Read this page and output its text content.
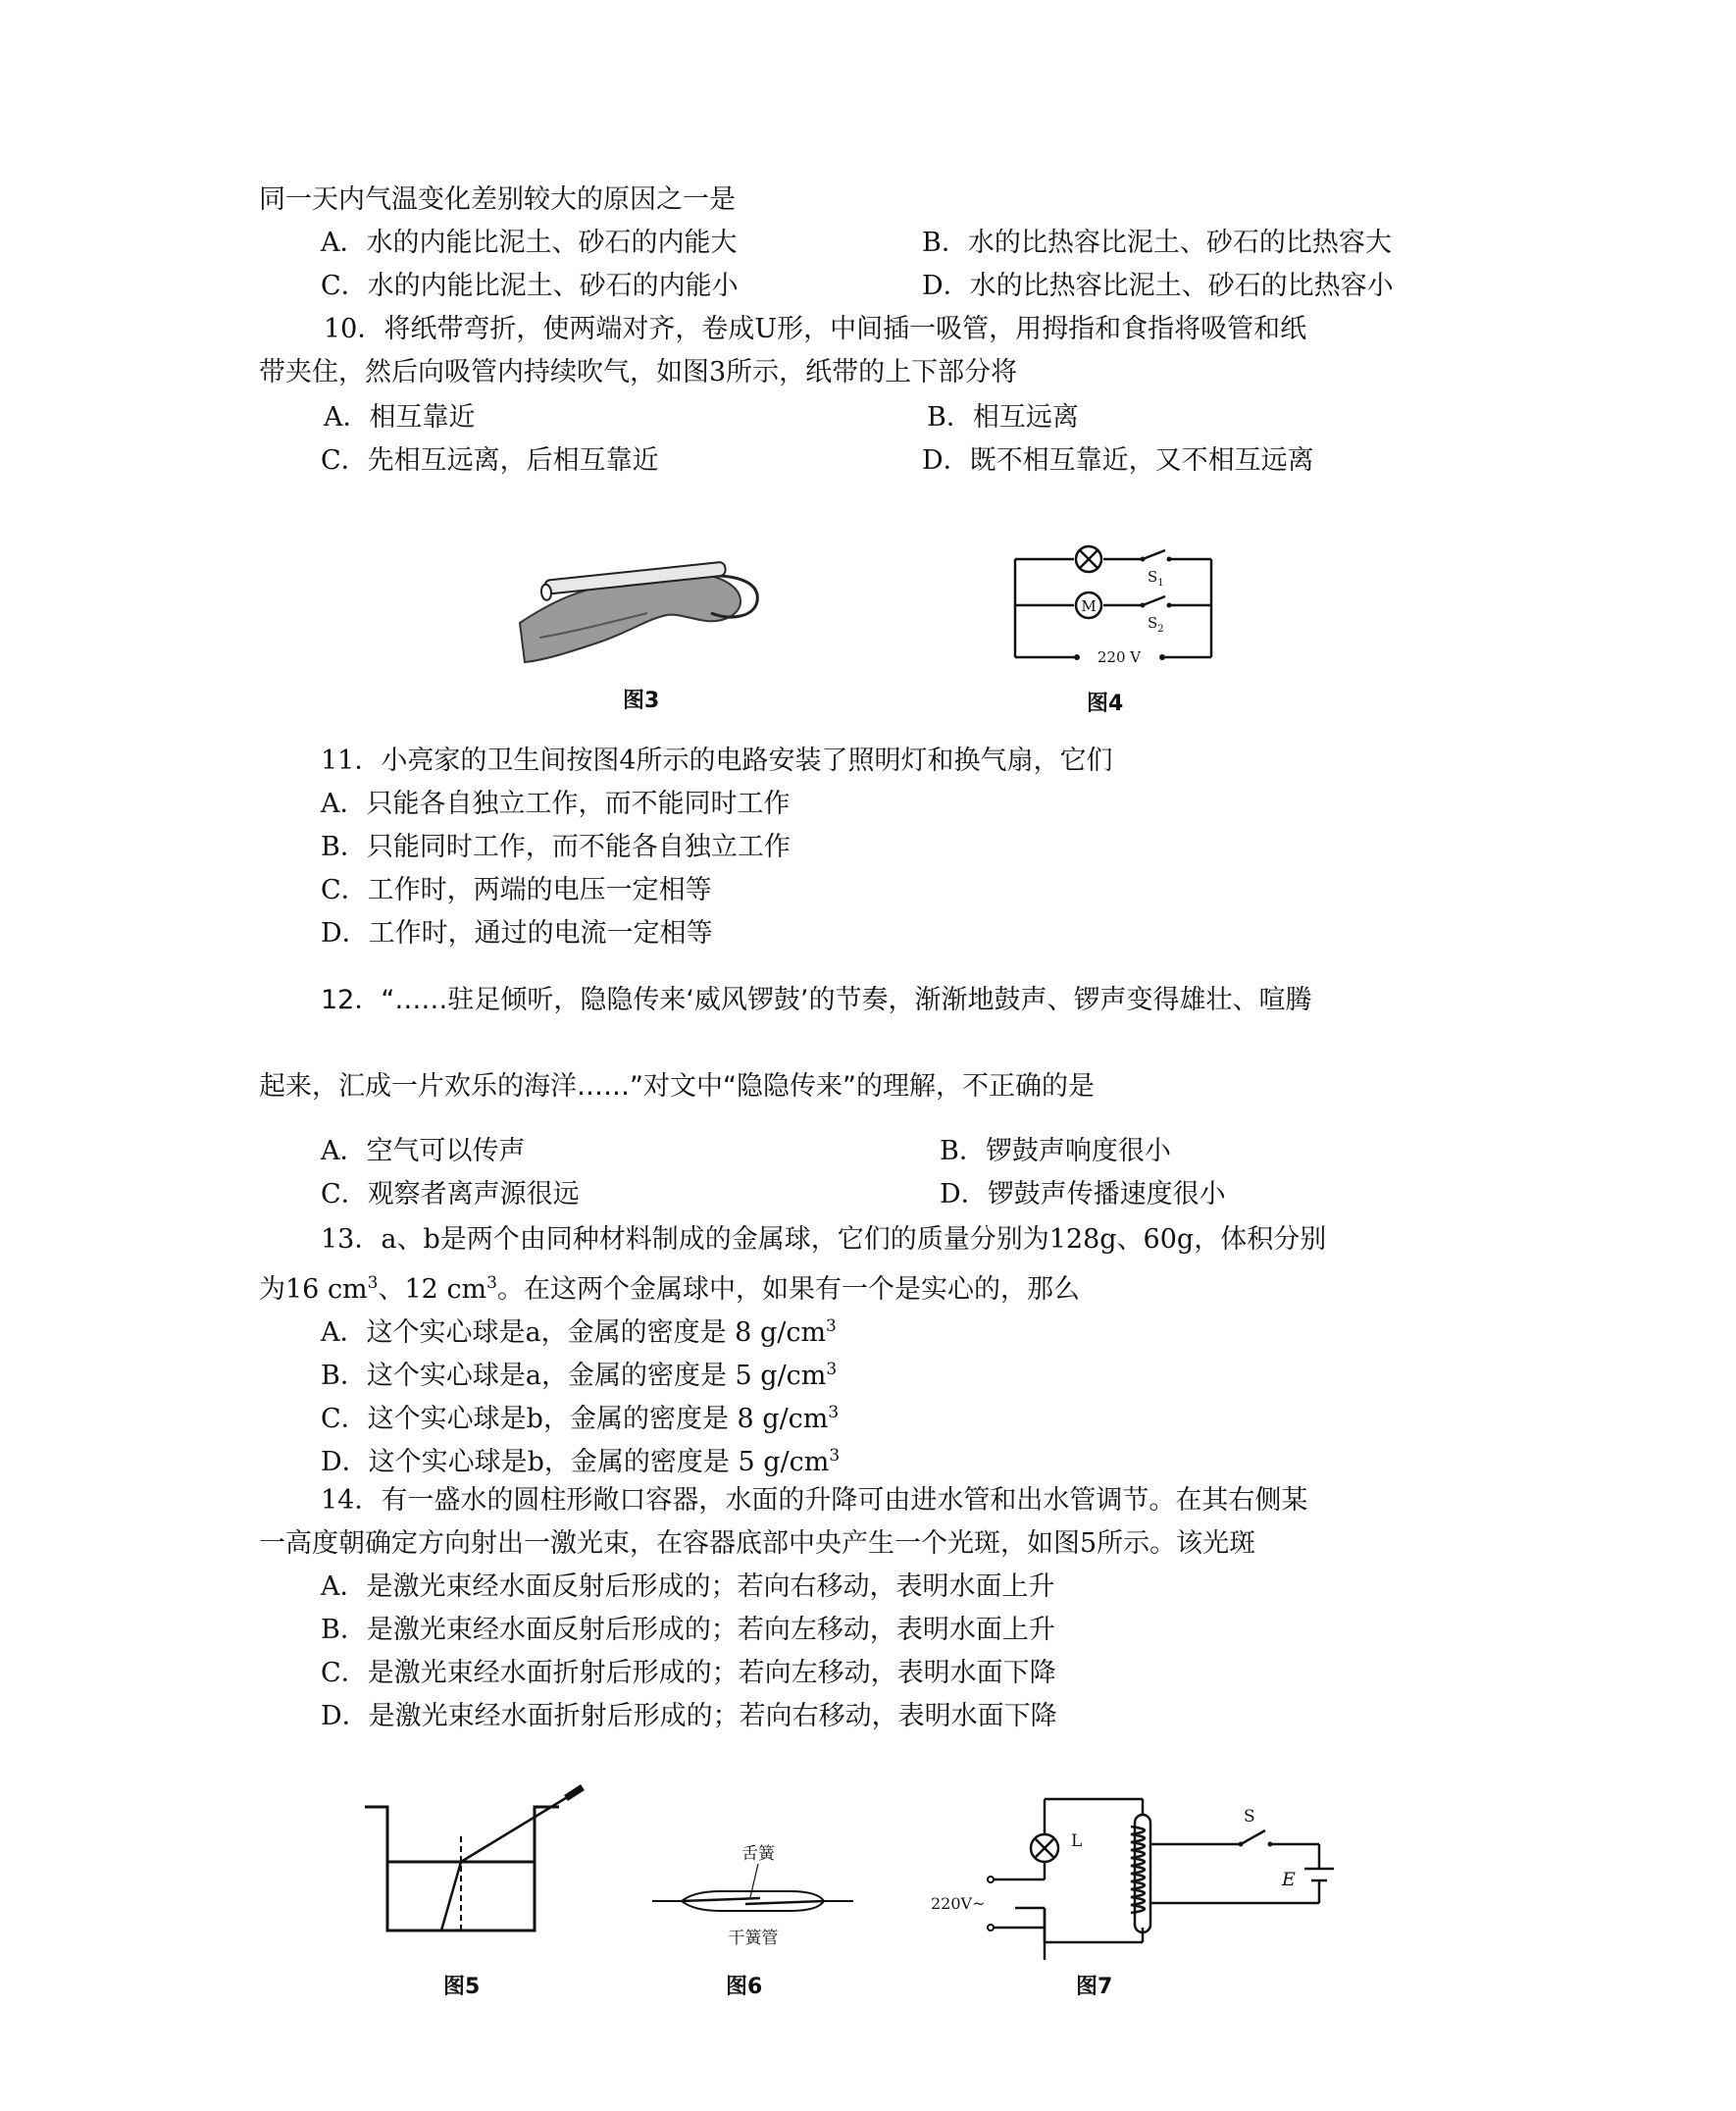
同一天内气温变化差别较大的原因之一是
A．水的内能比泥土、砂石的内能大	B．水的比热容比泥土、砂石的比热容大
C．水的内能比泥土、砂石的内能小	D．水的比热容比泥土、砂石的比热容小
10．将纸带弯折，使两端对齐，卷成U形，中间插一吸管，用拇指和食指将吸管和纸
带夹住，然后向吸管内持续吹气，如图3所示，纸带的上下部分将
A．相互靠近	B．相互远离
C．先相互远离，后相互靠近	D．既不相互靠近，又不相互远离
图3
M
$S_1$
$S_2$
220 V
图4
11．小亮家的卫生间按图4所示的电路安装了照明灯和换气扇，它们
A．只能各自独立工作，而不能同时工作
B．只能同时工作，而不能各自独立工作
C．工作时，两端的电压一定相等
D．工作时，通过的电流一定相等
12．“……驻足倾听，隐隐传来‘威风锣鼓’的节奏，渐渐地鼓声、锣声变得雄壮、喧腾
起来，汇成一片欢乐的海洋……”对文中“隐隐传来”的理解，不正确的是
A．空气可以传声	B．锣鼓声响度很小
C．观察者离声源很远	D．锣鼓声传播速度很小
13．a、b是两个由同种材料制成的金属球，它们的质量分别为128g、60g，体积分别
为16 $cm^3$、12 $cm^3$。在这两个金属球中，如果有一个是实心的，那么
A．这个实心球是a，金属的密度是 8 $g/cm^3$
B．这个实心球是a，金属的密度是 5 $g/cm^3$
C．这个实心球是b，金属的密度是 8 $g/cm^3$
D．这个实心球是b，金属的密度是 5 $g/cm^3$
14．有一盛水的圆柱形敞口容器，水面的升降可由进水管和出水管调节。在其右侧某
一高度朝确定方向射出一激光束，在容器底部中央产生一个光斑，如图5所示。该光斑
A．是激光束经水面反射后形成的；若向右移动，表明水面上升
B．是激光束经水面反射后形成的；若向左移动，表明水面上升
C．是激光束经水面折射后形成的；若向左移动，表明水面下降
D．是激光束经水面折射后形成的；若向右移动，表明水面下降
图5
舌簧
干簧管
图6
L
S
E
220V~
图7
